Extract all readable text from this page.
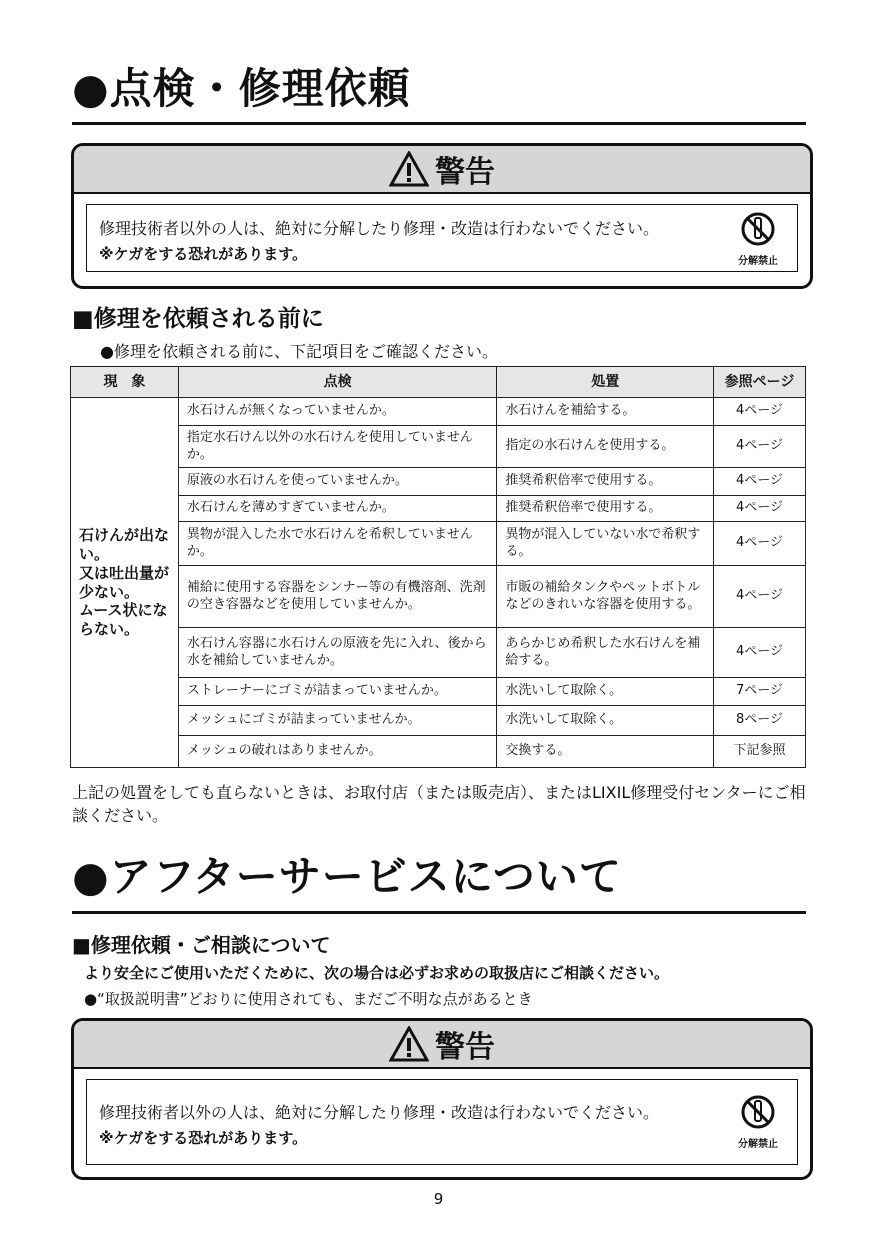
●点検・修理依頼
警告
修理技術者以外の人は、絶対に分解したり修理・改造は行わないでください。
※ケガをする恐れがあります。	分解禁止
■修理を依頼される前に
●修理を依頼される前に、下記項目をご確認ください。
現　象	点検	処置	参照ページ
石けんが出ない。
又は吐出量が少ない。
ムース状にならない。	水石けんが無くなっていませんか。	水石けんを補給する。	4ページ
	指定水石けん以外の水石けんを使用していませんか。	指定の水石けんを使用する。	4ページ
	原液の水石けんを使っていませんか。	推奨希釈倍率で使用する。	4ページ
	水石けんを薄めすぎていませんか。	推奨希釈倍率で使用する。	4ページ
	異物が混入した水で水石けんを希釈していませんか。	異物が混入していない水で希釈する。	4ページ
	補給に使用する容器をシンナー等の有機溶剤、洗剤の空き容器などを使用していませんか。	市販の補給タンクやペットボトルなどのきれいな容器を使用する。	4ページ
	水石けん容器に水石けんの原液を先に入れ、後から水を補給していませんか。	あらかじめ希釈した水石けんを補給する。	4ページ
	ストレーナーにゴミが詰まっていませんか。	水洗いして取除く。	7ページ
	メッシュにゴミが詰まっていませんか。	水洗いして取除く。	8ページ
	メッシュの破れはありませんか。	交換する。	下記参照
上記の処置をしても直らないときは、お取付店（または販売店）、またはLIXIL修理受付センターにご相談ください。
●アフターサービスについて
■修理依頼・ご相談について
より安全にご使用いただくために、次の場合は必ずお求めの取扱店にご相談ください。
●“取扱説明書”どおりに使用されても、まだご不明な点があるとき
警告
修理技術者以外の人は、絶対に分解したり修理・改造は行わないでください。
※ケガをする恐れがあります。	分解禁止
9
